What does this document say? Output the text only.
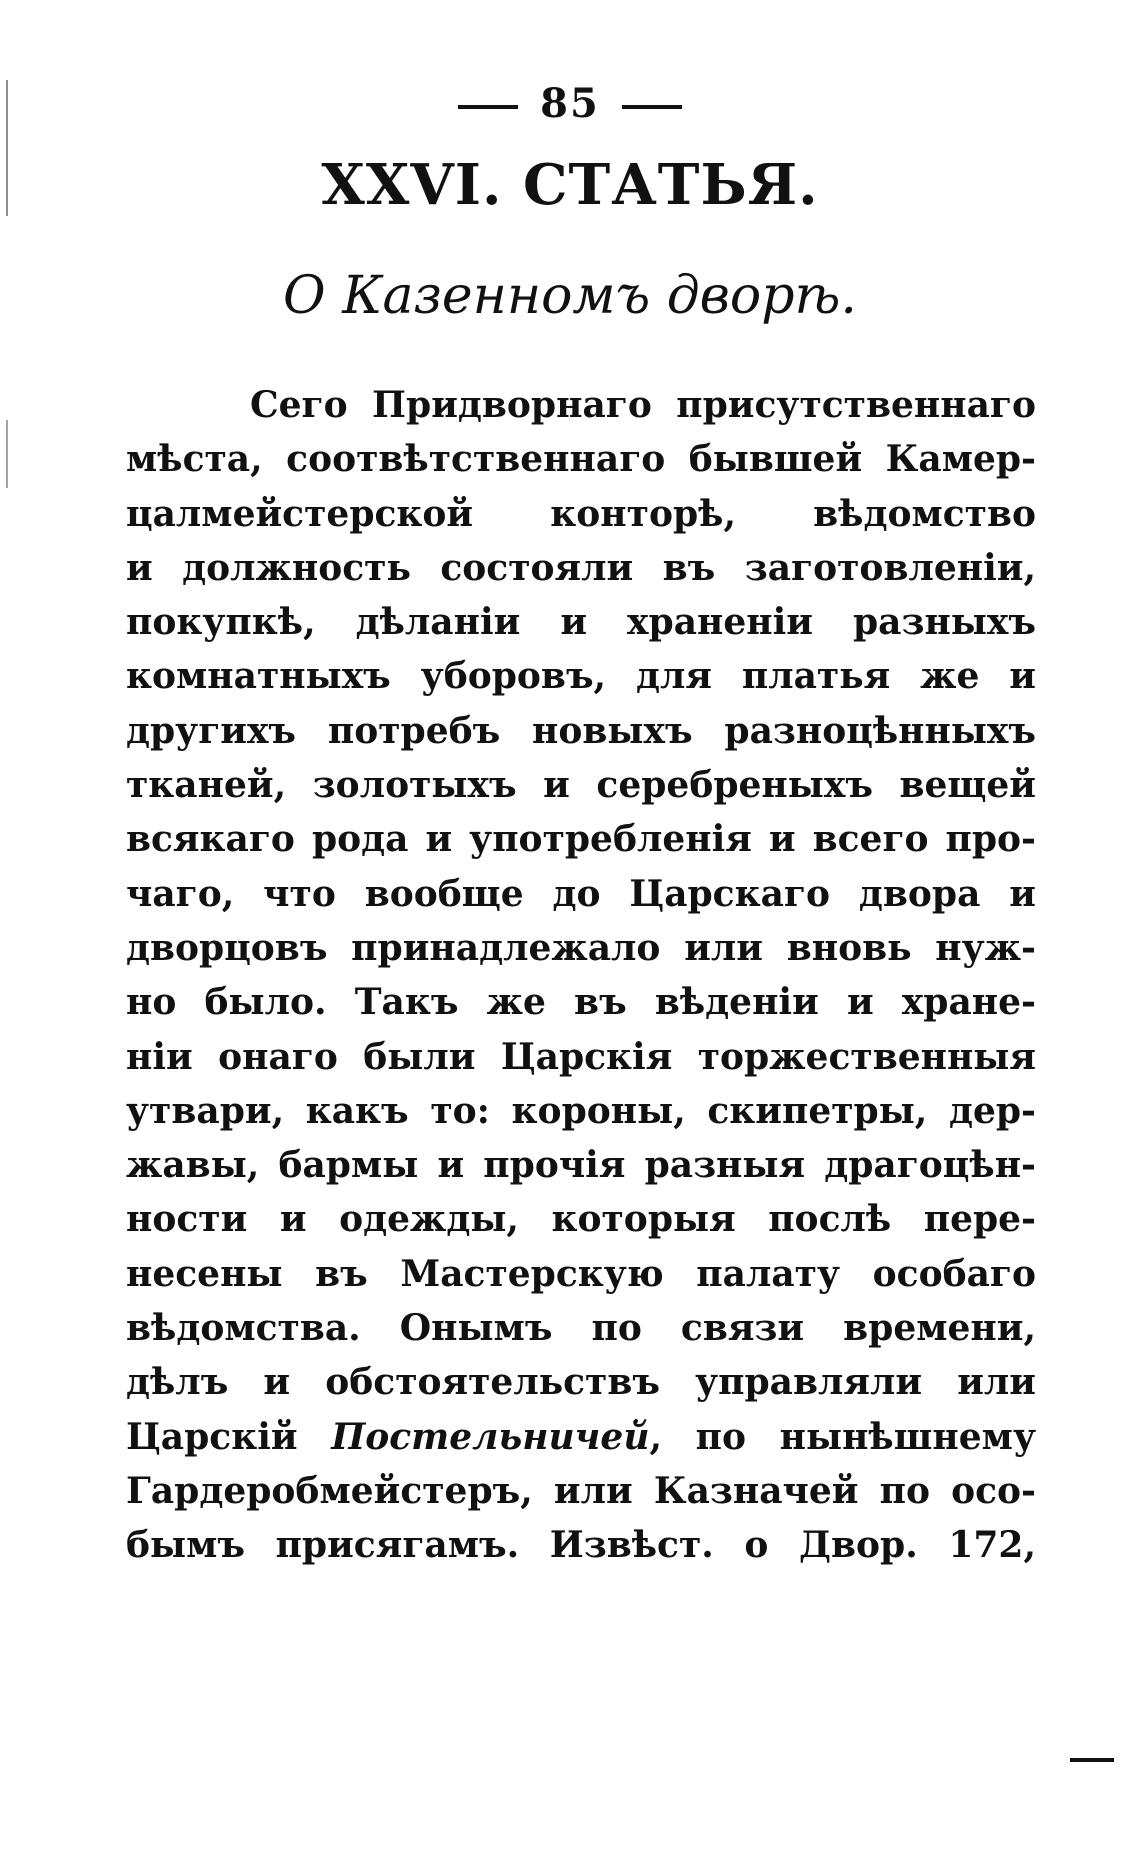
85
XXVI. СТАТЬЯ.
О Казенномъ дворѣ.
Сего Придворнаго присутственнаго
мѣста, соотвѣтственнаго бывшей Камер-
цалмейстерской конторѣ, вѣдомство
и должность состояли въ заготовленіи,
покупкѣ, дѣланіи и храненіи разныхъ
комнатныхъ уборовъ, для платья же и
другихъ потребъ новыхъ разноцѣнныхъ
тканей, золотыхъ и серебреныхъ вещей
всякаго рода и употребленія и всего про-
чаго, что вообще до Царскаго двора и
дворцовъ принадлежало или вновь нуж-
но было. Такъ же въ вѣденіи и хране-
ніи онаго были Царскія торжественныя
утвари, какъ то: короны, скипетры, дер-
жавы, бармы и прочія разныя драгоцѣн-
ности и одежды, которыя послѣ пере-
несены въ Мастерскую палату особаго
вѣдомства. Онымъ по связи времени,
дѣлъ и обстоятельствъ управляли или
Царскій Постельничей, по нынѣшнему
Гардеробмейстеръ, или Казначей по осо-
бымъ присягамъ. Извѣст. о Двор. 172,
